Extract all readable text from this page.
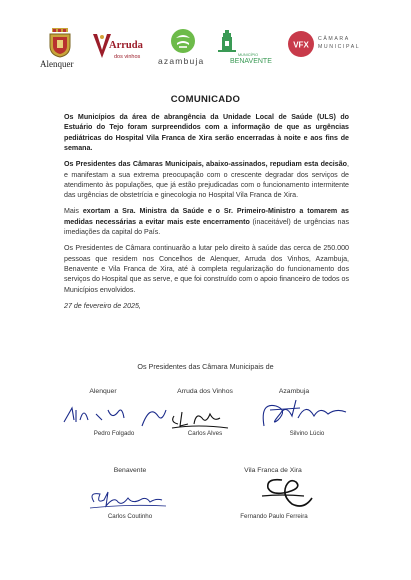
Alenquer
Arruda
dos vinhos azambuja
MUNICÍPIO
BENAVENTE
VFX
CÂMARA
MUNICIPAL
COMUNICADO

Os Municípios da área de abrangência da Unidade Local de Saúde (ULS) do Estuário do Tejo foram surpreendidos com a informação de que as urgências pediátricas do Hospital Vila Franca de Xira serão encerradas à noite e aos fins de semana.

Os Presidentes das Câmaras Municipais, abaixo-assinados, repudiam esta decisão, e manifestam a sua extrema preocupação com o crescente degradar dos serviços de atendimento às populações, que já estão prejudicadas com o funcionamento intermitente das urgências de obstetrícia e ginecologia no Hospital Vila Franca de Xira.

Mais exortam a Sra. Ministra da Saúde e o Sr. Primeiro-Ministro a tomarem as medidas necessárias a evitar mais este encerramento (inaceitável) de urgências nas imediações da capital do País.

Os Presidentes de Câmara continuarão a lutar pelo direito à saúde das cerca de 250.000 pessoas que residem nos Concelhos de Alenquer, Arruda dos Vinhos, Azambuja, Benavente e Vila Franca de Xira, até à completa regularização do funcionamento dos serviços do Hospital que as serve, e que foi construído com o apoio financeiro de todos os Municípios envolvidos.

27 de fevereiro de 2025,

Os Presidentes das Câmara Municipais de
Alenquer	Arruda dos Vinhos	Azambuja
Pedro Folgado	Carlos Alves	Silvino Lúcio
Benavente	Vila Franca de Xira
Carlos Coutinho	Fernando Paulo Ferreira
